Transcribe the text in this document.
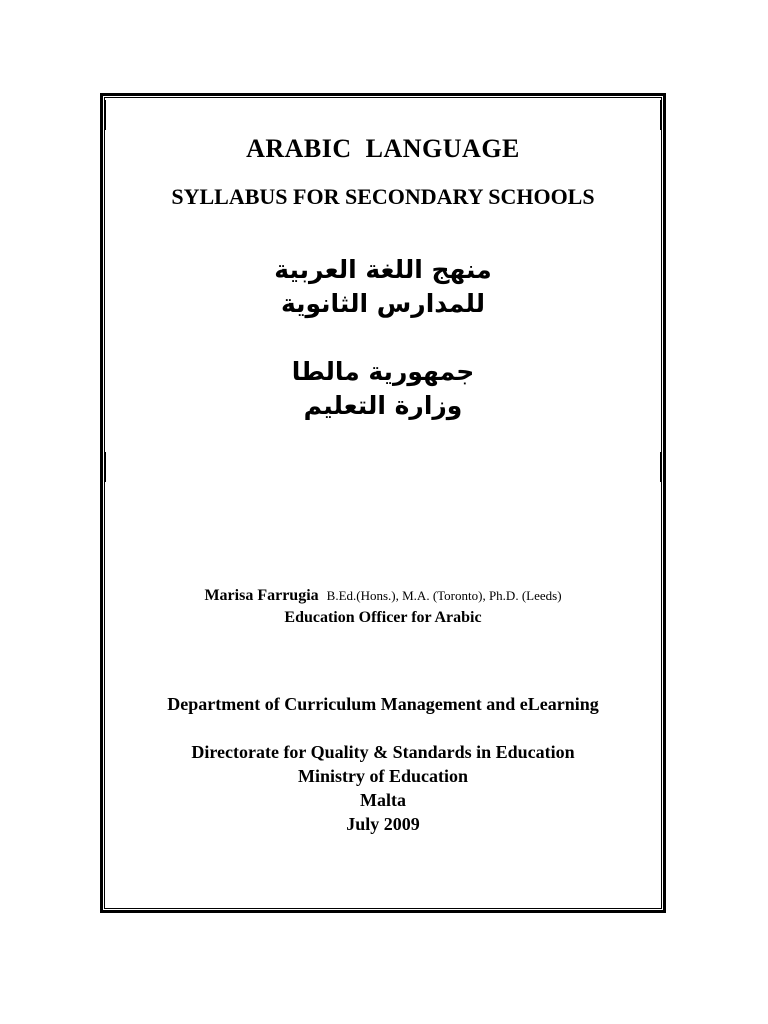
ARABIC  LANGUAGE
SYLLABUS FOR SECONDARY SCHOOLS
منهج اللغة العربية
للمدارس الثانوية
جمهورية مالطا
وزارة التعليم
Marisa Farrugia B.Ed.(Hons.), M.A. (Toronto), Ph.D. (Leeds)
Education Officer for Arabic
Department of Curriculum Management and eLearning
Directorate for Quality & Standards in Education
Ministry of Education
Malta
July 2009
